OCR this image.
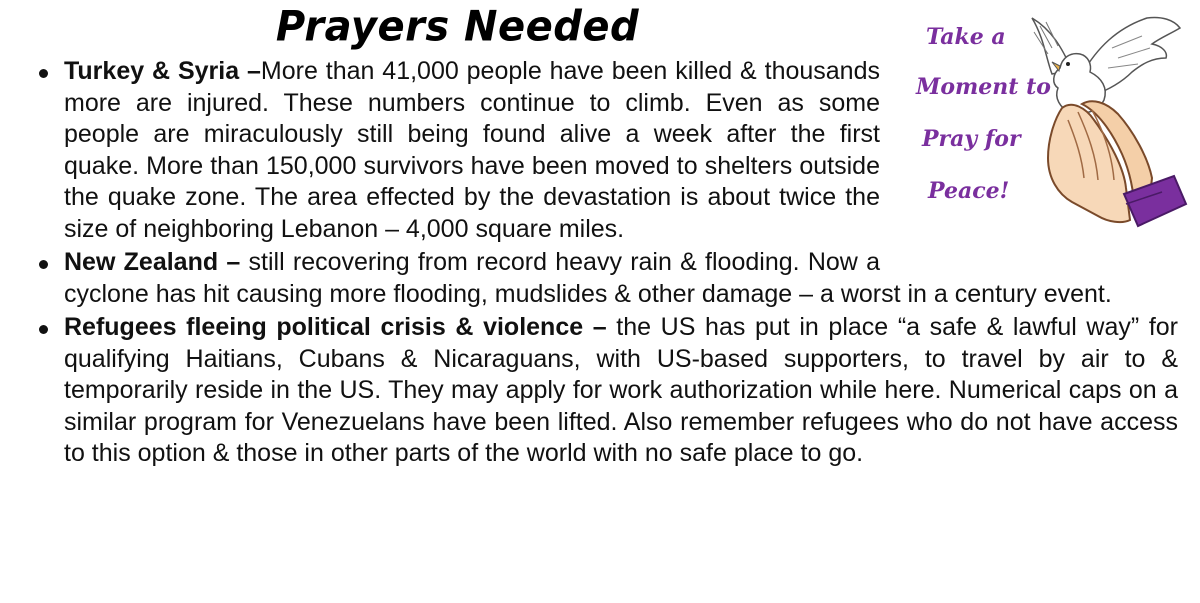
Prayers Needed	Take a
Moment to
Pray for
Peace!
Turkey & Syria –More than 41,000 people have been killed & thousands more are injured. These numbers continue to climb. Even as some people are miraculously still being found alive a week after the first quake. More than 150,000 survivors have been moved to shelters outside the quake zone. The area effected by the devastation is about twice the size of neighboring Lebanon – 4,000 square miles.
New Zealand – still recovering from record heavy rain & flooding. Now a cyclone has hit causing more flooding, mudslides & other damage – a worst in a century event.
Refugees fleeing political crisis & violence – the US has put in place “a safe & lawful way” for qualifying Haitians, Cubans & Nicaraguans, with US-based supporters, to travel by air to & temporarily reside in the US. They may apply for work authorization while here. Numerical caps on a similar program for Venezuelans have been lifted. Also remember refugees who do not have access to this option & those in other parts of the world with no safe place to go.
